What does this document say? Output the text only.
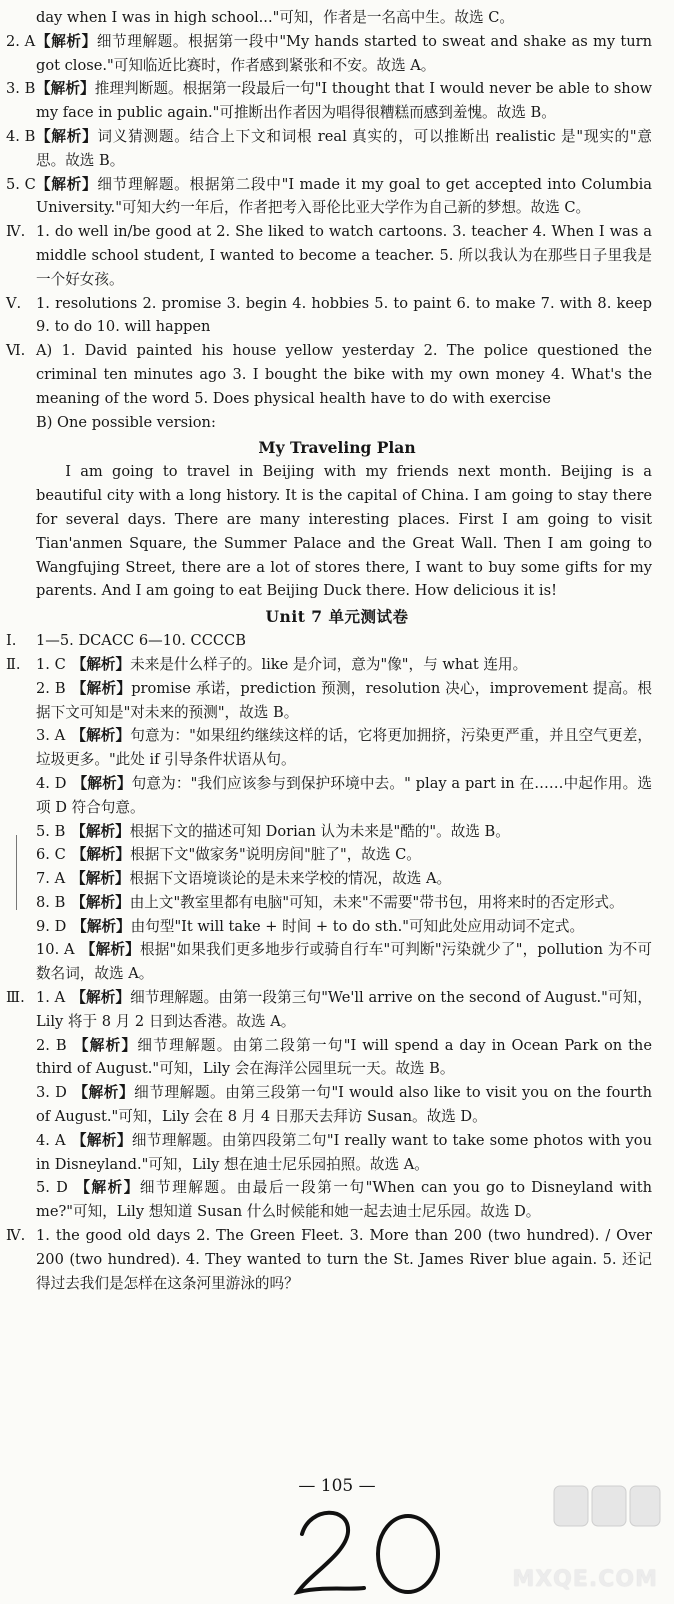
day when I was in high school..."可知，作者是一名高中生。故选 C。

2. A 【解析】细节理解题。根据第一段中"My hands started to sweat and shake as my turn got close."可知临近比赛时，作者感到紧张和不安。故选 A。

3. B 【解析】推理判断题。根据第一段最后一句"I thought that I would never be able to show my face in public again."可推断出作者因为唱得很糟糕而感到羞愧。故选 B。

4. B 【解析】词义猜测题。结合上下文和词根 real 真实的，可以推断出 realistic 是"现实的"意思。故选 B。

5. C 【解析】细节理解题。根据第二段中"I made it my goal to get accepted into Columbia University."可知大约一年后，作者把考入哥伦比亚大学作为自己新的梦想。故选 C。

Ⅳ. 1. do well in/be good at 2. She liked to watch cartoons. 3. teacher 4. When I was a middle school student, I wanted to become a teacher. 5. 所以我认为在那些日子里我是一个好女孩。

Ⅴ.	1. resolutions 2. promise 3. begin 4. hobbies 5. to paint 6. to make 7. with 8. keep 9. to do 10. will happen

Ⅵ. A) 1. David painted his house yellow yesterday 2. The police questioned the criminal ten minutes ago 3. I bought the bike with my own money 4. What's the meaning of the word 5. Does physical health have to do with exercise

B) One possible version:

My Traveling Plan

I am going to travel in Beijing with my friends next month. Beijing is a beautiful city with a long history. It is the capital of China. I am going to stay there for several days. There are many interesting places. First I am going to visit Tian'anmen Square, the Summer Palace and the Great Wall. Then I am going to Wangfujing Street, there are a lot of stores there, I want to buy some gifts for my parents. And I am going to eat Beijing Duck there. How delicious it is!

Unit 7 单元测试卷

Ⅰ.	1—5. DCACC 6—10. CCCCB

Ⅱ.	1. C 【解析】未来是什么样子的。like 是介词，意为"像"，与 what 连用。

2. B 【解析】promise 承诺，prediction 预测，resolution 决心，improvement 提高。根据下文可知是"对未来的预测"，故选 B。

3. A 【解析】句意为："如果纽约继续这样的话，它将更加拥挤，污染更严重，并且空气更差，垃圾更多。"此处 if 引导条件状语从句。

4. D 【解析】句意为："我们应该参与到保护环境中去。" play a part in 在……中起作用。选项 D 符合句意。

5. B 【解析】根据下文的描述可知 Dorian 认为未来是"酷的"。故选 B。

6. C 【解析】根据下文"做家务"说明房间"脏了"，故选 C。

7. A 【解析】根据下文语境谈论的是未来学校的情况，故选 A。

8. B 【解析】由上文"教室里都有电脑"可知，未来"不需要"带书包，用将来时的否定形式。

9. D 【解析】由句型"It will take + 时间 + to do sth."可知此处应用动词不定式。

10. A 【解析】根据"如果我们更多地步行或骑自行车"可判断"污染就少了"，pollution 为不可数名词，故选 A。

Ⅲ. 1. A 【解析】细节理解题。由第一段第三句"We'll arrive on the second of August."可知，Lily 将于 8 月 2 日到达香港。故选 A。

2. B 【解析】细节理解题。由第二段第一句"I will spend a day in Ocean Park on the third of August."可知，Lily 会在海洋公园里玩一天。故选 B。

3. D 【解析】细节理解题。由第三段第一句"I would also like to visit you on the fourth of August."可知，Lily 会在 8 月 4 日那天去拜访 Susan。故选 D。

4. A 【解析】细节理解题。由第四段第二句"I really want to take some photos with you in Disneyland."可知，Lily 想在迪士尼乐园拍照。故选 A。

5. D 【解析】细节理解题。由最后一段第一句"When can you go to Disneyland with me?"可知，Lily 想知道 Susan 什么时候能和她一起去迪士尼乐园。故选 D。

Ⅳ. 1. the good old days 2. The Green Fleet. 3. More than 200 (two hundred). / Over 200 (two hundred). 4. They wanted to turn the St. James River blue again. 5. 还记得过去我们是怎样在这条河里游泳的吗？

— 105 —
20
MXQE.COM
